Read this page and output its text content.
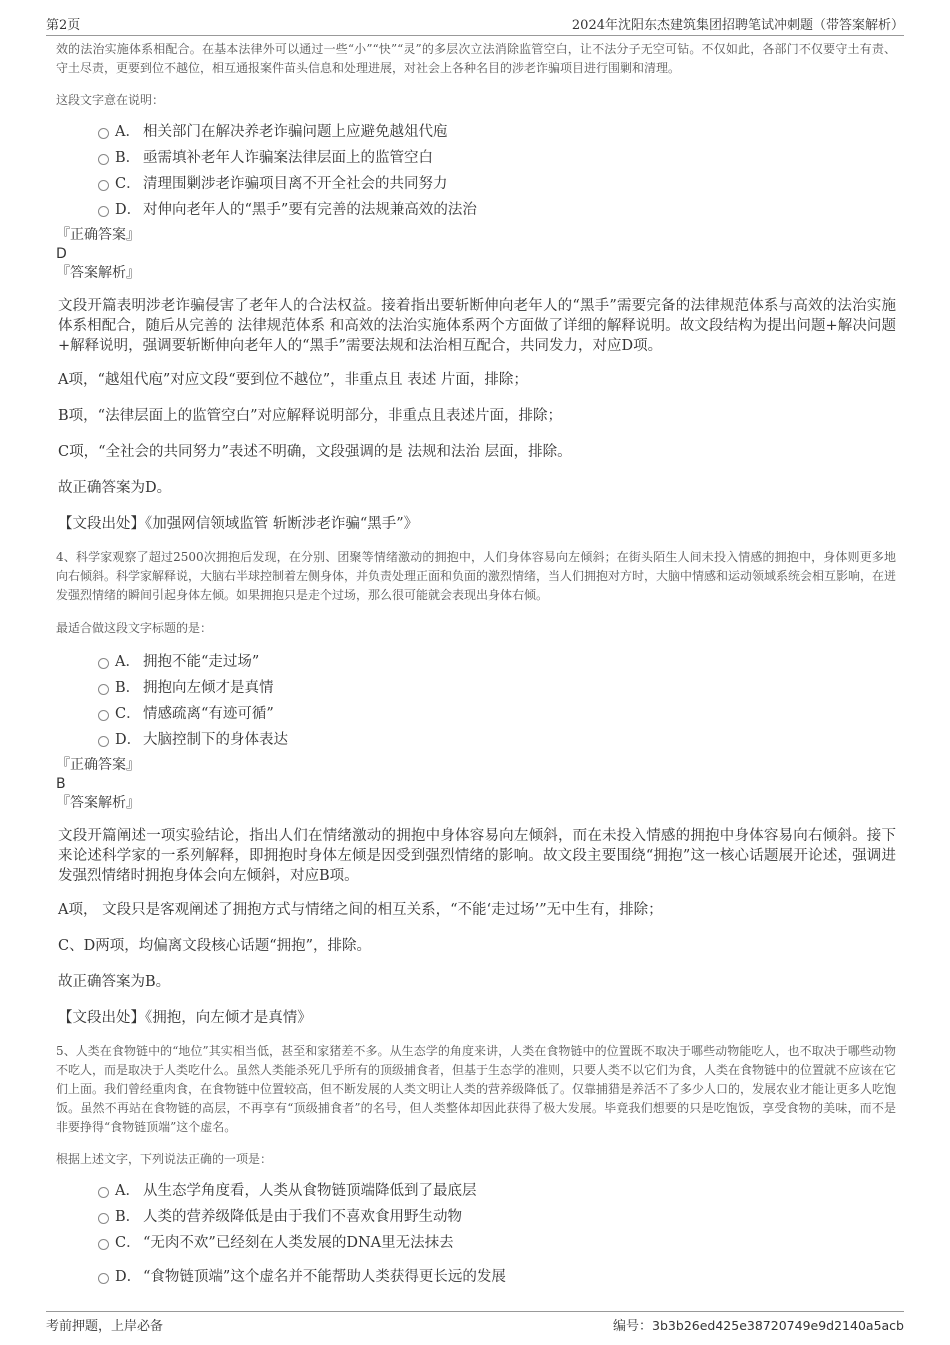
第2页	2024年沈阳东杰建筑集团招聘笔试冲刺题（带答案解析）

效的法治实施体系相配合。在基本法律外可以通过一些“小”“快”“灵”的多层次立法消除监管空白，让不法分子无空可钻。不仅如此，各部门不仅要守土有责、守土尽责，更要到位不越位，相互通报案件苗头信息和处理进展，对社会上各种名目的涉老诈骗项目进行围剿和清理。

这段文字意在说明：

A． 相关部门在解决养老诈骗问题上应避免越俎代庖
B． 亟需填补老年人诈骗案法律层面上的监管空白
C． 清理围剿涉老诈骗项目离不开全社会的共同努力
D． 对伸向老年人的“黑手”要有完善的法规兼高效的法治

『正确答案』

D

『答案解析』

文段开篇表明涉老诈骗侵害了老年人的合法权益。接着指出要斩断伸向老年人的“黑手”需要完备的法律规范体系与高效的法治实施体系相配合，随后从完善的 法律规范体系 和高效的法治实施体系两个方面做了详细的解释说明。故文段结构为提出问题+解决问题+解释说明，强调要斩断伸向老年人的“黑手”需要法规和法治相互配合，共同发力，对应D项。

A项，“越俎代庖”对应文段“要到位不越位”，非重点且 表述 片面，排除；

B项，“法律层面上的监管空白”对应解释说明部分，非重点且表述片面，排除；

C项，“全社会的共同努力”表述不明确，文段强调的是 法规和法治 层面，排除。

故正确答案为D。

【文段出处】《加强网信领域监管 斩断涉老诈骗“黑手”》

4、科学家观察了超过2500次拥抱后发现，在分别、团聚等情绪激动的拥抱中，人们身体容易向左倾斜；在街头陌生人间未投入情感的拥抱中，身体则更多地向右倾斜。科学家解释说，大脑右半球控制着左侧身体，并负责处理正面和负面的激烈情绪，当人们拥抱对方时，大脑中情感和运动领域系统会相互影响，在迸发强烈情绪的瞬间引起身体左倾。如果拥抱只是走个过场，那么很可能就会表现出身体右倾。

最适合做这段文字标题的是：

A． 拥抱不能“走过场”
B． 拥抱向左倾才是真情
C． 情感疏离“有迹可循”
D． 大脑控制下的身体表达

『正确答案』

B

『答案解析』

文段开篇阐述一项实验结论，指出人们在情绪激动的拥抱中身体容易向左倾斜，而在未投入情感的拥抱中身体容易向右倾斜。接下来论述科学家的一系列解释，即拥抱时身体左倾是因受到强烈情绪的影响。故文段主要围绕“拥抱”这一核心话题展开论述，强调进发强烈情绪时拥抱身体会向左倾斜，对应B项。

A项， 文段只是客观阐述了拥抱方式与情绪之间的相互关系，“不能‘走过场’”无中生有，排除；

C、D两项，均偏离文段核心话题“拥抱”，排除。

故正确答案为B。

【文段出处】《拥抱，向左倾才是真情》

5、人类在食物链中的“地位”其实相当低，甚至和家猪差不多。从生态学的角度来讲，人类在食物链中的位置既不取决于哪些动物能吃人，也不取决于哪些动物不吃人，而是取决于人类吃什么。虽然人类能杀死几乎所有的顶级捕食者，但基于生态学的准则，只要人类不以它们为食，人类在食物链中的位置就不应该在它们上面。我们曾经重肉食，在食物链中位置较高，但不断发展的人类文明让人类的营养级降低了。仅靠捕猎是养活不了多少人口的，发展农业才能让更多人吃饱饭。虽然不再站在食物链的高层，不再享有“顶级捕食者”的名号，但人类整体却因此获得了极大发展。毕竟我们想要的只是吃饱饭，享受食物的美味，而不是非要挣得“食物链顶端”这个虚名。

根据上述文字，下列说法正确的一项是：

A． 从生态学角度看，人类从食物链顶端降低到了最底层
B． 人类的营养级降低是由于我们不喜欢食用野生动物
C． “无肉不欢”已经刻在人类发展的DNA里无法抹去
D． “食物链顶端”这个虚名并不能帮助人类获得更长远的发展
考前押题，上岸必备	编号：3b3b26ed425e38720749e9d2140a5acb
